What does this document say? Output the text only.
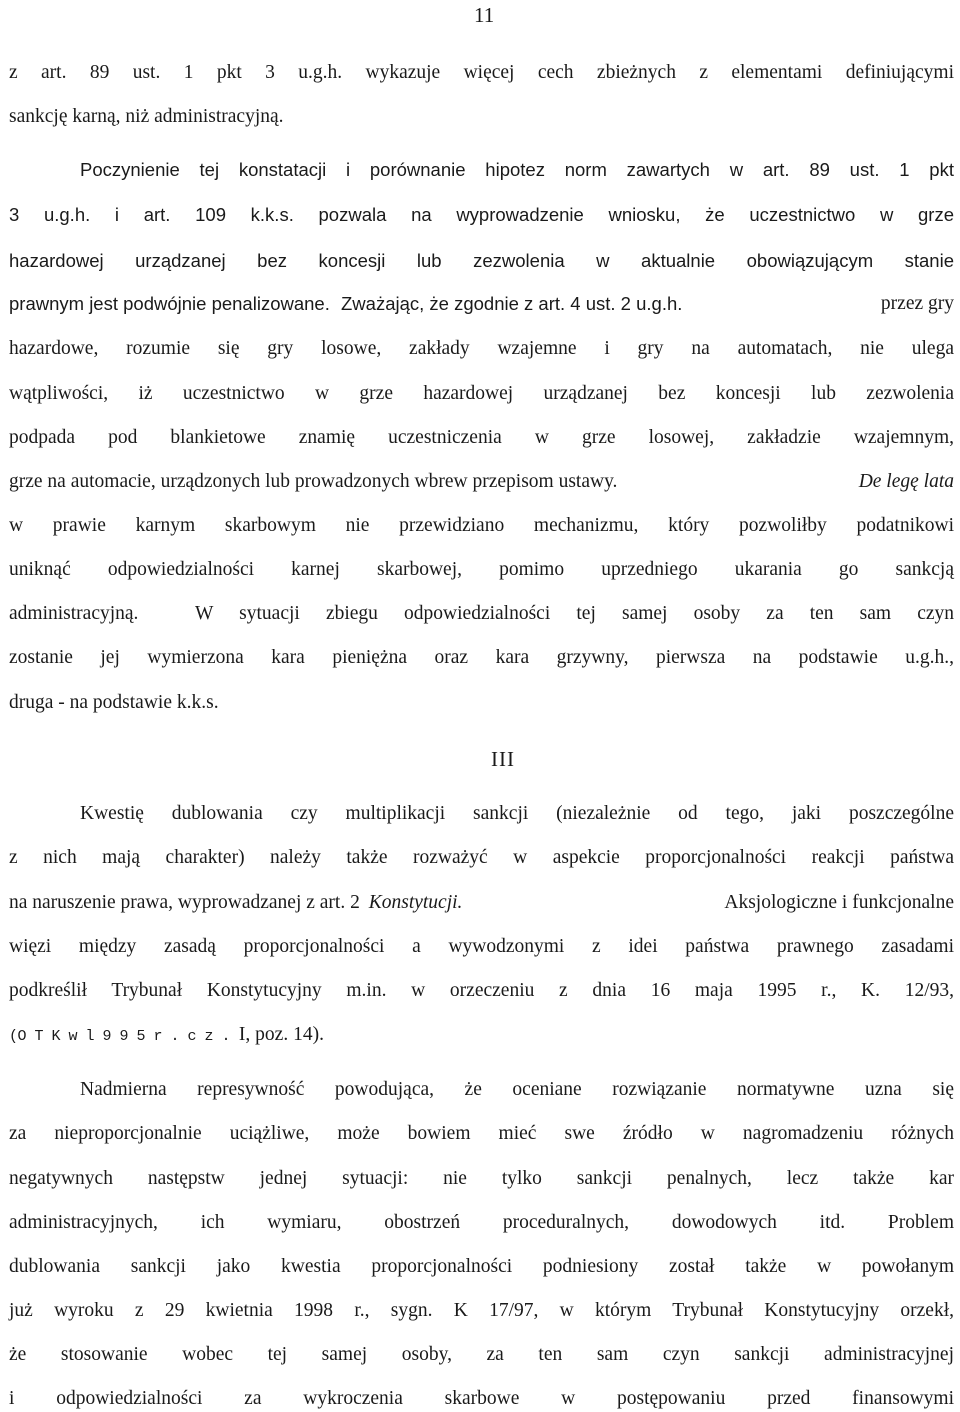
11
z art. 89 ust. 1 pkt 3 u.g.h. wykazuje więcej cech zbieżnych z elementami definiującymi
sankcję karną, niż administracyjną.
Poczynienie tej konstatacji i porównanie hipotez norm zawartych w art. 89 ust. 1 pkt
3 u.g.h. i art. 109 k.k.s. pozwala na wyprowadzenie wniosku, że uczestnictwo w grze
hazardowej urządzanej bez koncesji lub zezwolenia w aktualnie obowiązującym stanie
prawnym jest podwójnie penalizowane. Zważając, że zgodnie z art. 4 ust. 2 u.g.h.	przez gry
hazardowe, rozumie się gry losowe, zakłady wzajemne i gry na automatach, nie ulega
wątpliwości, iż uczestnictwo w grze hazardowej urządzanej bez koncesji lub zezwolenia
podpada pod blankietowe znamię uczestniczenia w grze losowej, zakładzie wzajemnym,
grze na automacie, urządzonych lub prowadzonych wbrew przepisom ustawy.	De legę lata
w prawie karnym skarbowym nie przewidziano mechanizmu, który pozwoliłby podatnikowi
uniknąć odpowiedzialności karnej skarbowej, pomimo uprzedniego ukarania go sankcją
administracyjną.	W sytuacji zbiegu odpowiedzialności tej samej osoby za ten sam czyn
zostanie jej wymierzona kara pieniężna oraz kara grzywny, pierwsza na podstawie u.g.h.,
druga - na podstawie k.k.s.
III
Kwestię dublowania czy multiplikacji sankcji (niezależnie od tego, jaki poszczególne
z nich mają charakter) należy także rozważyć w aspekcie proporcjonalności reakcji państwa
na naruszenie prawa, wyprowadzanej z art. 2 Konstytucji.	Aksjologiczne i funkcjonalne
więzi między zasadą proporcjonalności a wywodzonymi z idei państwa prawnego zasadami
podkreślił Trybunał Konstytucyjny m.in. w orzeczeniu z dnia 16 maja 1995 r., K. 12/93,
(O T K w l 9 9 5 r . c z . I, poz. 14).
Nadmierna represywność powodująca, że oceniane rozwiązanie normatywne uzna się
za nieproporcjonalnie uciążliwe, może bowiem mieć swe źródło w nagromadzeniu różnych
negatywnych następstw jednej sytuacji: nie tylko sankcji penalnych, lecz także kar
administracyjnych, ich wymiaru, obostrzeń proceduralnych, dowodowych itd. Problem
dublowania sankcji jako kwestia proporcjonalności podniesiony został także w powołanym
już wyroku z 29 kwietnia 1998 r., sygn. K 17/97, w którym Trybunał Konstytucyjny orzekł,
że stosowanie wobec tej samej osoby, za ten sam czyn sankcji administracyjnej
i odpowiedzialności za wykroczenia skarbowe w postępowaniu przed finansowymi
